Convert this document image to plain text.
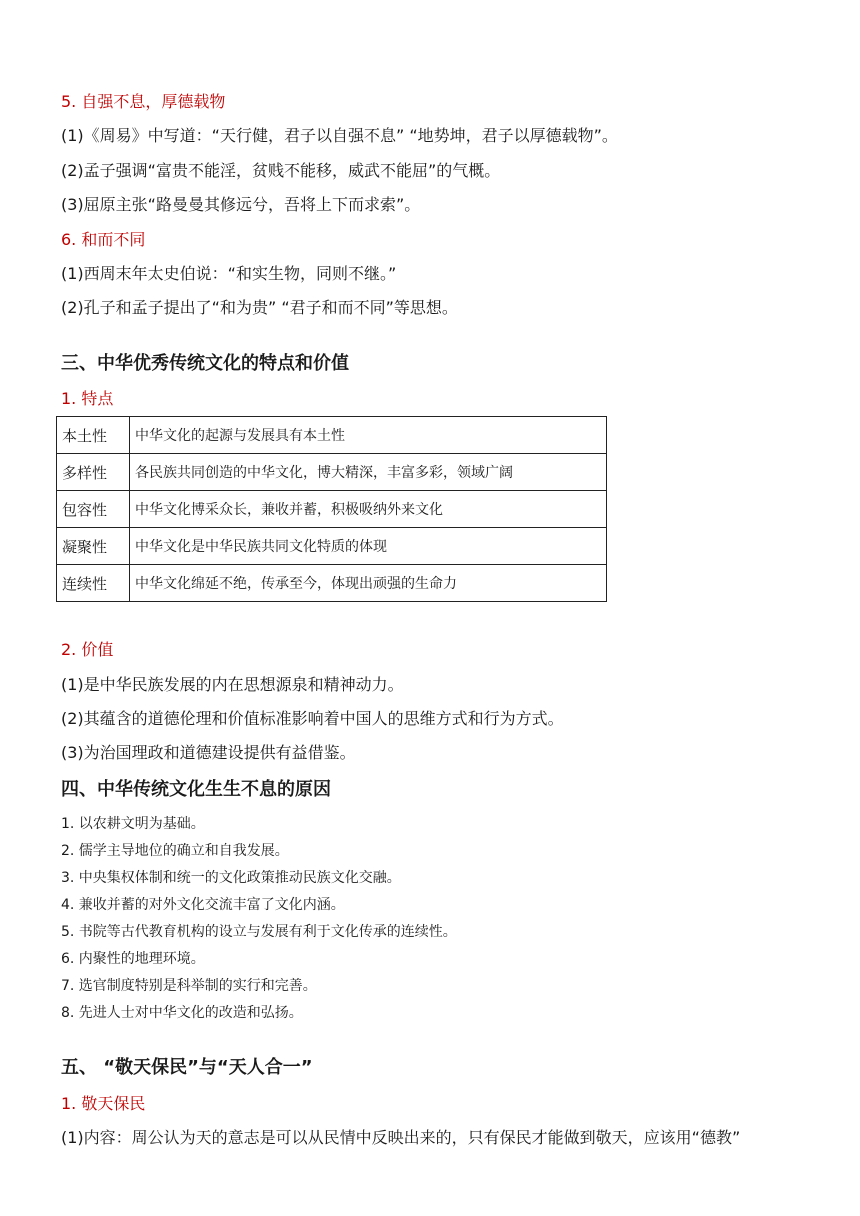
5. 自强不息，厚德载物
(1)《周易》中写道：“天行健，君子以自强不息” “地势坤，君子以厚德载物”。
(2)孟子强调“富贵不能淫，贫贱不能移，威武不能屈”的气概。
(3)屈原主张“路曼曼其修远兮，吾将上下而求索”。
6. 和而不同
(1)西周末年太史伯说：“和实生物，同则不继。”
(2)孔子和孟子提出了“和为贵” “君子和而不同”等思想。
三、中华优秀传统文化的特点和价值
1. 特点
本土性	中华文化的起源与发展具有本土性
多样性	各民族共同创造的中华文化，博大精深，丰富多彩，领域广阔
包容性	中华文化博采众长，兼收并蓄，积极吸纳外来文化
凝聚性	中华文化是中华民族共同文化特质的体现
连续性	中华文化绵延不绝，传承至今，体现出顽强的生命力
2. 价值
(1)是中华民族发展的内在思想源泉和精神动力。
(2)其蕴含的道德伦理和价值标准影响着中国人的思维方式和行为方式。
(3)为治国理政和道德建设提供有益借鉴。
四、中华传统文化生生不息的原因
1. 以农耕文明为基础。
2. 儒学主导地位的确立和自我发展。
3. 中央集权体制和统一的文化政策推动民族文化交融。
4. 兼收并蓄的对外文化交流丰富了文化内涵。
5. 书院等古代教育机构的设立与发展有利于文化传承的连续性。
6. 内聚性的地理环境。
7. 选官制度特别是科举制的实行和完善。
8. 先进人士对中华文化的改造和弘扬。
五、 “敬天保民”与“天人合一”
1. 敬天保民
(1)内容：周公认为天的意志是可以从民情中反映出来的，只有保民才能做到敬天，应该用“德教”
